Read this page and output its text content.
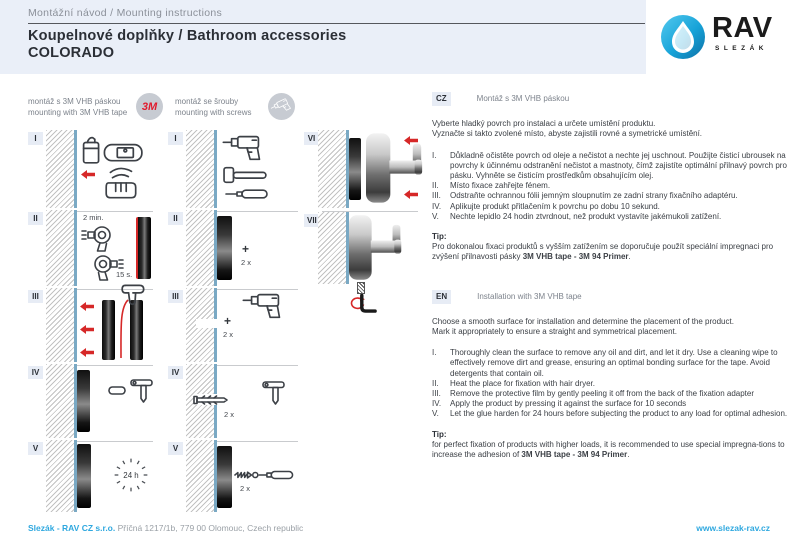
Montážní návod / Mounting instructions
Koupelnové doplňky / Bathroom accessories
COLORADO
RAV
SLEZÁK
montáž s 3M VHB páskou
mounting with 3M VHB tape	3M	montáž se šrouby
mounting with screws
I
II	2 min.
15 s.
III
IV
V
24 h
I
II
+
2 x
III
+
2 x
IV
2 x
V
2 x
VI
VII
CZ	Montáž s 3M VHB páskou
Vyberte hladký povrch pro instalaci a určete umístění produktu.
Vyznačte si takto zvolené místo, abyste zajistili rovné a symetrické umístění.
I.	Důkladně očistěte povrch od oleje a nečistot a nechte jej uschnout. Použijte čisticí ubrousek na povrchy k účinnému odstranění nečistot a mastnoty, čímž zajistíte optimální přilnavý povrch pro pásku. Vyhněte se čisticím prostředkům obsahujícím olej.
II.	Místo fixace zahřejte fénem.
III.	Odstraňte ochrannou fólii jemným sloupnutím ze zadní strany fixačního adaptéru.
IV.	Aplikujte produkt přitlačením k povrchu po dobu 10 sekund.
V.	Nechte lepidlo 24 hodin ztvrdnout, než produkt vystavíte jakémukoli zatížení.
Tip:
Pro dokonalou fixaci produktů s vyšším zatížením se doporučuje použít speciální impregnaci pro zvýšení přilnavosti pásky 3M VHB tape - 3M 94 Primer.
EN	Installation with 3M VHB tape
Choose a smooth surface for installation and determine the placement of the product.
Mark it appropriately to ensure a straight and symmetrical placement.
I.	Thoroughly clean the surface to remove any oil and dirt, and let it dry. Use a cleaning wipe to effectively remove dirt and grease, ensuring an optimal bonding surface for the tape. Avoid detergents that contain oil.
II.	Heat the place for fixation with hair dryer.
III.	Remove the protective film by gently peeling it off from the back of the fixation adapter
IV.	Apply the product by pressing it against the surface for 10 seconds
V.	Let the glue harden for 24 hours before subjecting the product to any load for optimal adhesion.
Tip:
for perfect fixation of products with higher loads, it is recommended to use special impregna-tions to increase the adhesion of 3M VHB tape - 3M 94 Primer.
Slezák - RAV CZ s.r.o. Příčná 1217/1b, 779 00 Olomouc, Czech republic	www.slezak-rav.cz
